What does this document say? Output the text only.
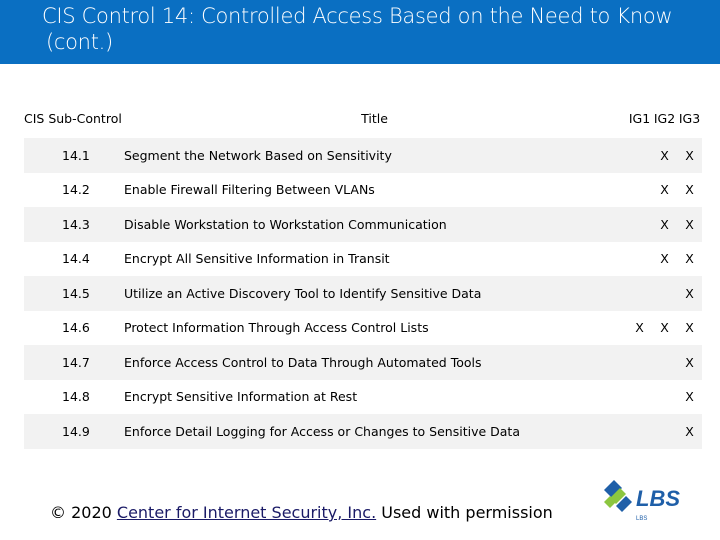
CIS Control 14: Controlled Access Based on the Need to Know
(cont.)
CIS Sub-Control	Title	IG1	IG2	IG3
14.1	Segment the Network Based on Sensitivity		X	X
14.2	Enable Firewall Filtering Between VLANs		X	X
14.3	Disable Workstation to Workstation Communication		X	X
14.4	Encrypt All Sensitive Information in Transit		X	X
14.5	Utilize an Active Discovery Tool to Identify Sensitive Data			X
14.6	Protect Information Through Access Control Lists	X	X	X
14.7	Enforce Access Control to Data Through Automated Tools			X
14.8	Encrypt Sensitive Information at Rest			X
14.9	Enforce Detail Logging for Access or Changes to Sensitive Data			X
© 2020 Center for Internet Security, Inc. Used with permission
LBS
LBS
